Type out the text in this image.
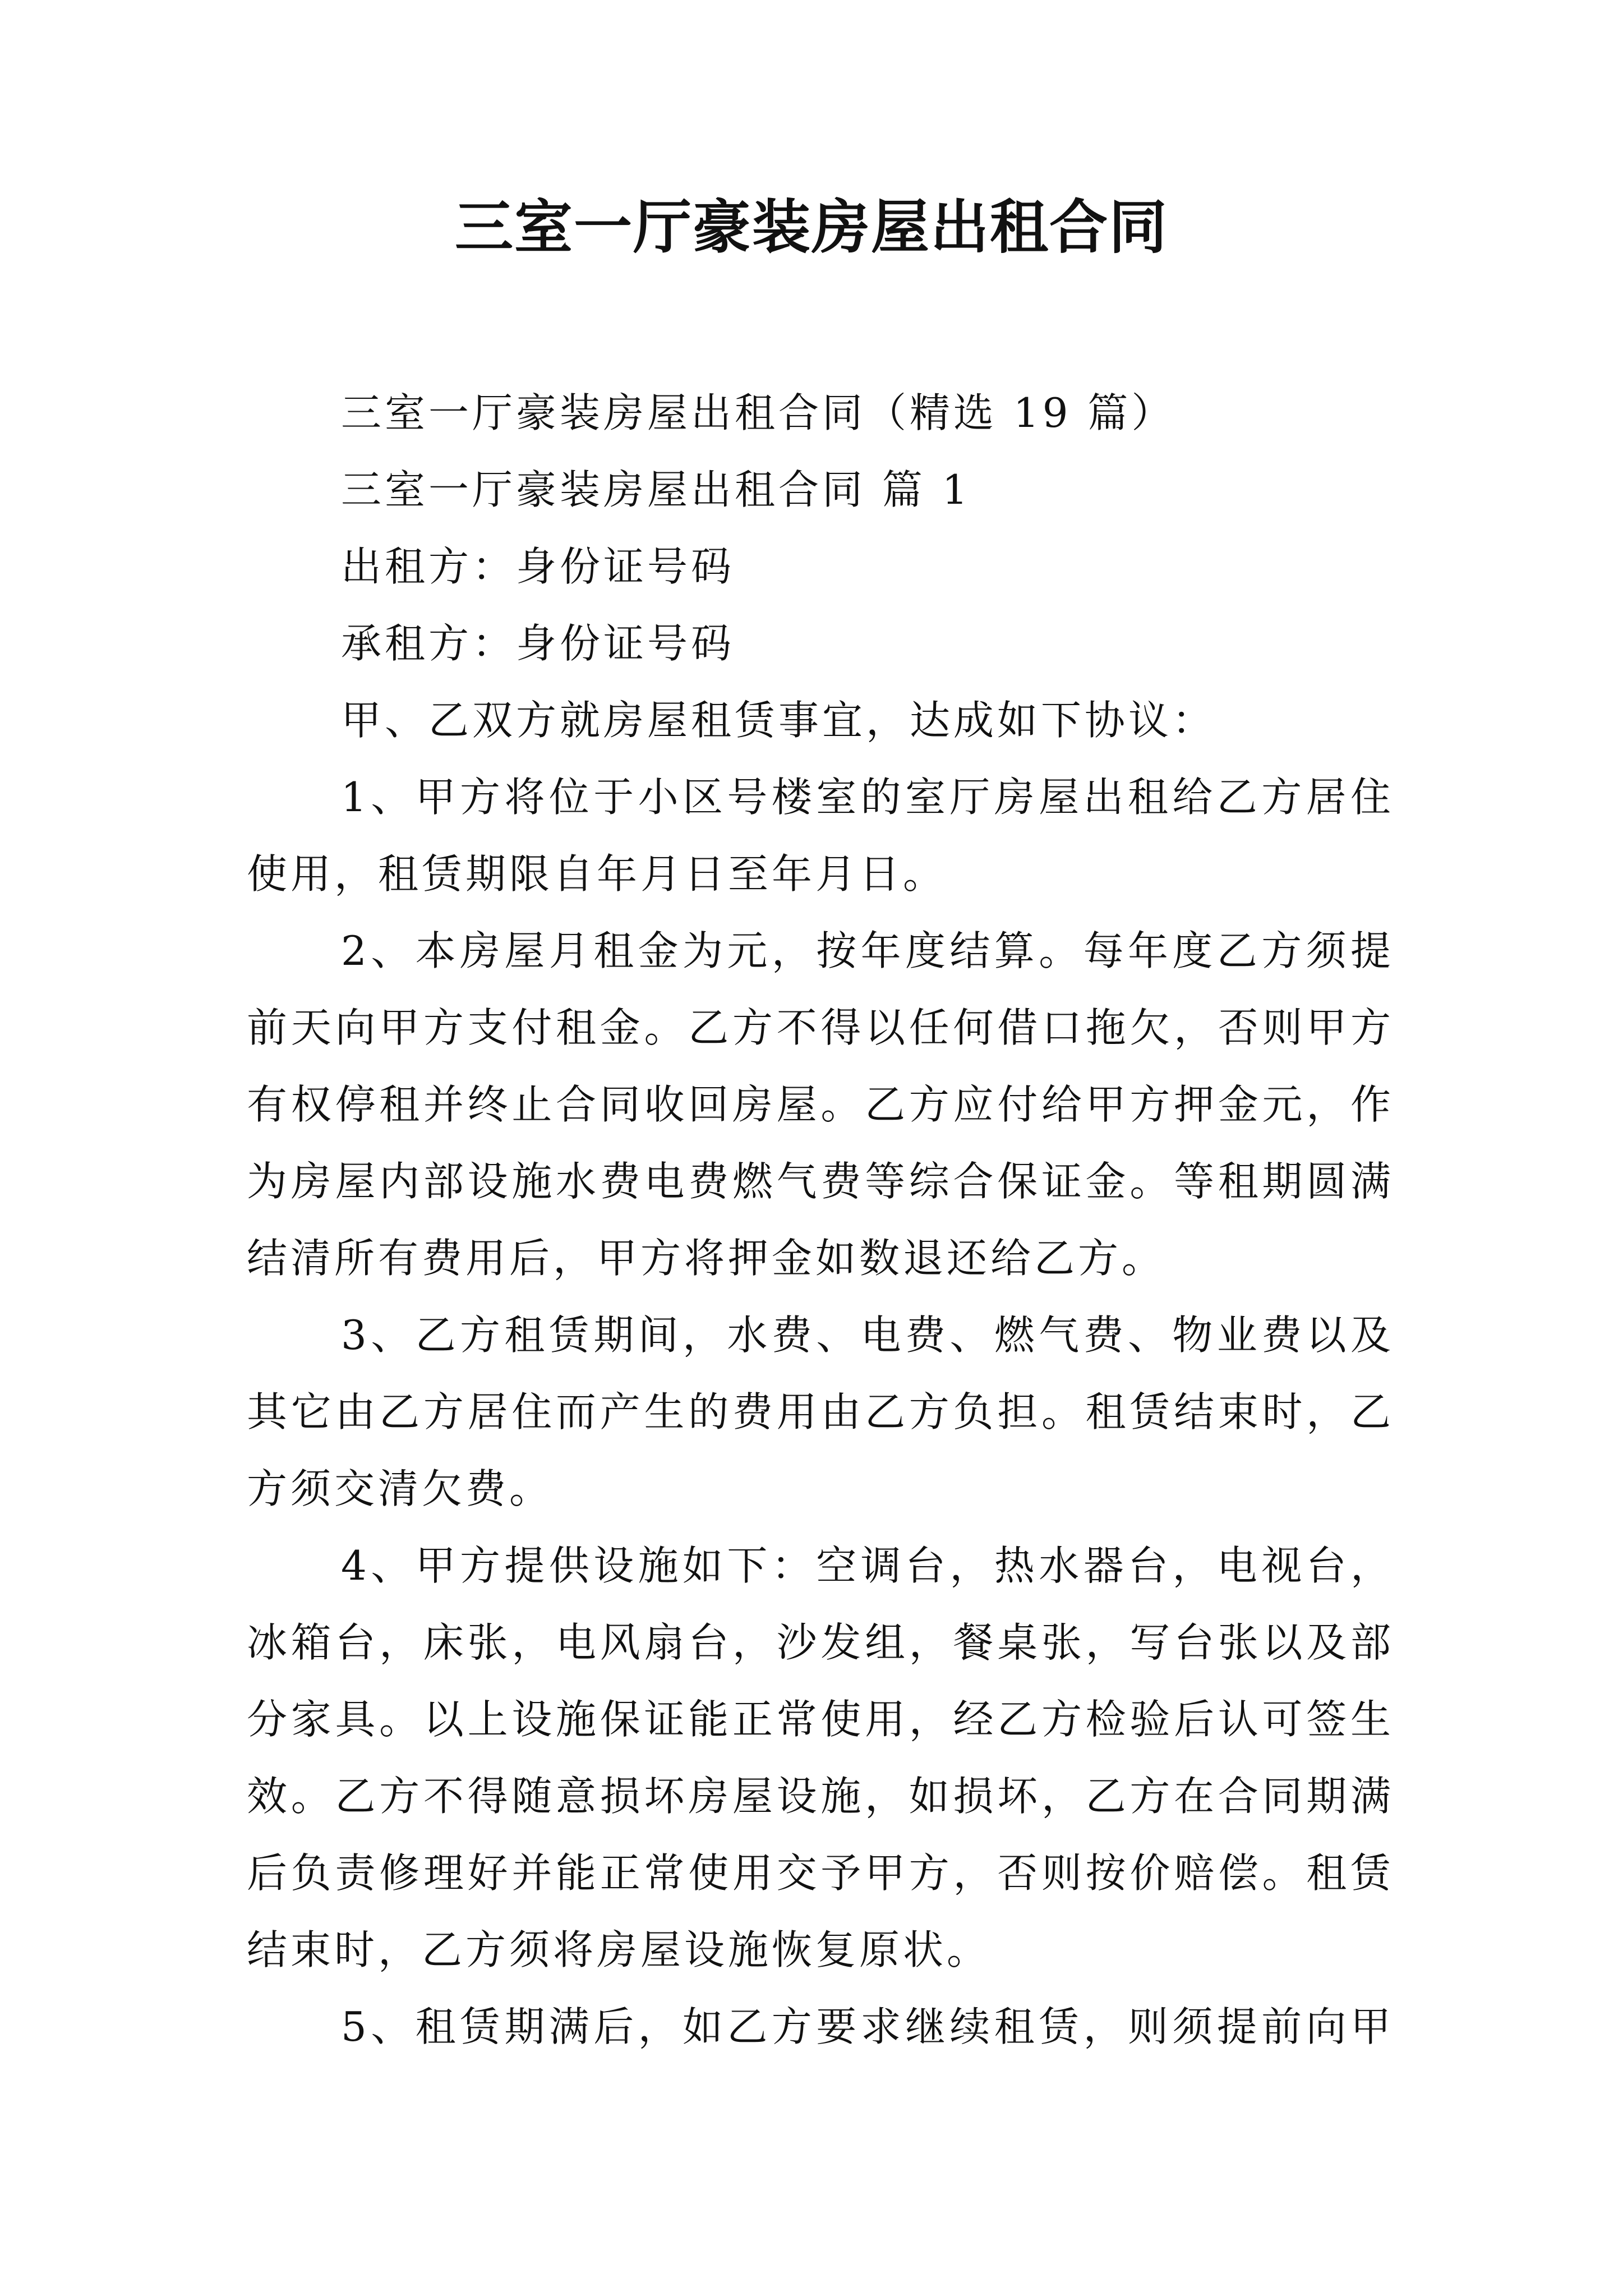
三室一厅豪装房屋出租合同
三室一厅豪装房屋出租合同（精选 19 篇）
三室一厅豪装房屋出租合同 篇 1
出租方：身份证号码
承租方：身份证号码
甲、乙双方就房屋租赁事宜，达成如下协议：
1、甲方将位于小区号楼室的室厅房屋出租给乙方居住
使用，租赁期限自年月日至年月日。
2、本房屋月租金为元，按年度结算。每年度乙方须提
前天向甲方支付租金。乙方不得以任何借口拖欠，否则甲方
有权停租并终止合同收回房屋。乙方应付给甲方押金元，作
为房屋内部设施水费电费燃气费等综合保证金。等租期圆满
结清所有费用后，甲方将押金如数退还给乙方。
3、乙方租赁期间，水费、电费、燃气费、物业费以及
其它由乙方居住而产生的费用由乙方负担。租赁结束时，乙
方须交清欠费。
4、甲方提供设施如下：空调台，热水器台，电视台，
冰箱台，床张，电风扇台，沙发组，餐桌张，写台张以及部
分家具。以上设施保证能正常使用，经乙方检验后认可签生
效。乙方不得随意损坏房屋设施，如损坏，乙方在合同期满
后负责修理好并能正常使用交予甲方，否则按价赔偿。租赁
结束时，乙方须将房屋设施恢复原状。
5、租赁期满后，如乙方要求继续租赁，则须提前向甲
